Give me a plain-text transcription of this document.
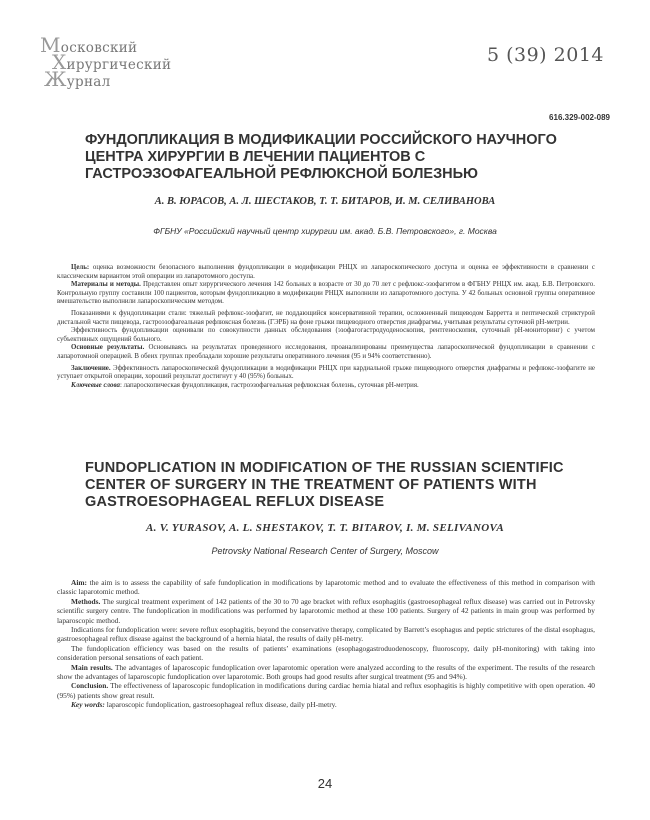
Московский
Хирургический
Журнал
5 (39) 2014
616.329-002-089
ФУНДОПЛИКАЦИЯ В МОДИФИКАЦИИ РОССИЙСКОГО НАУЧНОГО ЦЕНТРА ХИРУРГИИ В ЛЕЧЕНИИ ПАЦИЕНТОВ С ГАСТРОЭЗОФАГЕАЛЬНОЙ РЕФЛЮКСНОЙ БОЛЕЗНЬЮ
А. В. ЮРАСОВ, А. Л. ШЕСТАКОВ, Т. Т. БИТАРОВ, И. М. СЕЛИВАНОВА
ФГБНУ «Российский научный центр хирургии им. акад. Б.В. Петровского», г. Москва

Цель: оценка возможности безопасного выполнения фундопликации в модификации РНЦХ из лапароскопического доступа и оценка ее эффективности в сравнении с классическим вариантом этой операции из лапаротомного доступа.

Материалы и методы. Представлен опыт хирургического лечения 142 больных в возрасте от 30 до 70 лет с рефлюкс-эзофагитом в ФГБНУ РНЦХ им. акад. Б.В. Петровского. Контрольную группу составили 100 пациентов, которым фундопликацию в модификации РНЦХ выполнили из лапаротомного доступа. У 42 больных основной группы оперативное вмешательство выполнили лапароскопическим методом.

Показаниями к фундопликации стали: тяжелый рефлюкс-эзофагит, не поддающийся консервативной терапии, осложненный пищеводом Барретта и пептической стриктурой дистальной части пищевода, гастроэзофагеальная рефлюксная болезнь (ГЭРБ) на фоне грыжи пищеводного отверстия диафрагмы, учитывая результаты суточной рН-метрии.

Эффективность фундопликации оценивали по совокупности данных обследования (эзофагогастродуоденоскопия, рентгеноскопия, суточный рН-мониторинг) с учетом субъективных ощущений больного.

Основные результаты. Основываясь на результатах проведенного исследования, проанализированы преимущества лапароскопической фундопликации в сравнении с лапаротомной операцией. В обеих группах преобладали хорошие результаты оперативного лечения (95 и 94% соответственно).

Заключение. Эффективность лапароскопической фундопликации в модификации РНЦХ при кардиальной грыже пищеводного отверстия диафрагмы и рефлюкс-эзофагите не уступает открытой операции, хороший результат достигнут у 40 (95%) больных.

Ключевые слова: лапароскопическая фундопликация, гастроэзофагеальная рефлюксная болезнь, суточная рН-метрия.

FUNDOPLICATION IN MODIFICATION OF THE RUSSIAN SCIENTIFIC CENTER OF SURGERY IN THE TREATMENT OF PATIENTS WITH GASTROESOPHAGEAL REFLUX DISEASE
A. V. YURASOV, A. L. SHESTAKOV, T. T. BITAROV, I. M. SELIVANOVA
Petrovsky National Research Center of Surgery, Moscow

Aim: the aim is to assess the capability of safe fundoplication in modifications by laparotomic method and to evaluate the effectiveness of this method in comparison with classic laparotomic method.

Methods. The surgical treatment experiment of 142 patients of the 30 to 70 age bracket with reflux esophagitis (gastroesophageal reflux disease) was carried out in Petrovsky scientific surgery centre. The fundoplication in modifications was performed by laparotomic method at these 100 patients. Surgery of 42 patients in main group was performed by laparoscopic method.

Indications for fundoplication were: severe reflux esophagitis, beyond the conservative therapy, complicated by Barrett’s esophagus and peptic strictures of the distal esophagus, gastroesophageal reflux disease against the background of a hernia hiatal, the results of daily pH-metry.

The fundoplication efficiency was based on the results of patients’ examinations (esophagogastroduodenoscopy, fluoroscopy, daily pH-monitoring) with taking into consideration personal sensations of each patient.

Main results. The advantages of laparoscopic fundoplication over laparotomic operation were analyzed according to the results of the experiment. The results of the research show the advantages of laparoscopic fundoplication over laparotomic. Both groups had good results after surgical treatment (95 and 94%).

Conclusion. The effectiveness of laparoscopic fundoplication in modifications during cardiac hernia hiatal and reflux esophagitis is highly competitive with open operation. 40 (95%) patients show great result.

Key words: laparoscopic fundoplication, gastroesophageal reflux disease, daily pH-metry.

24
